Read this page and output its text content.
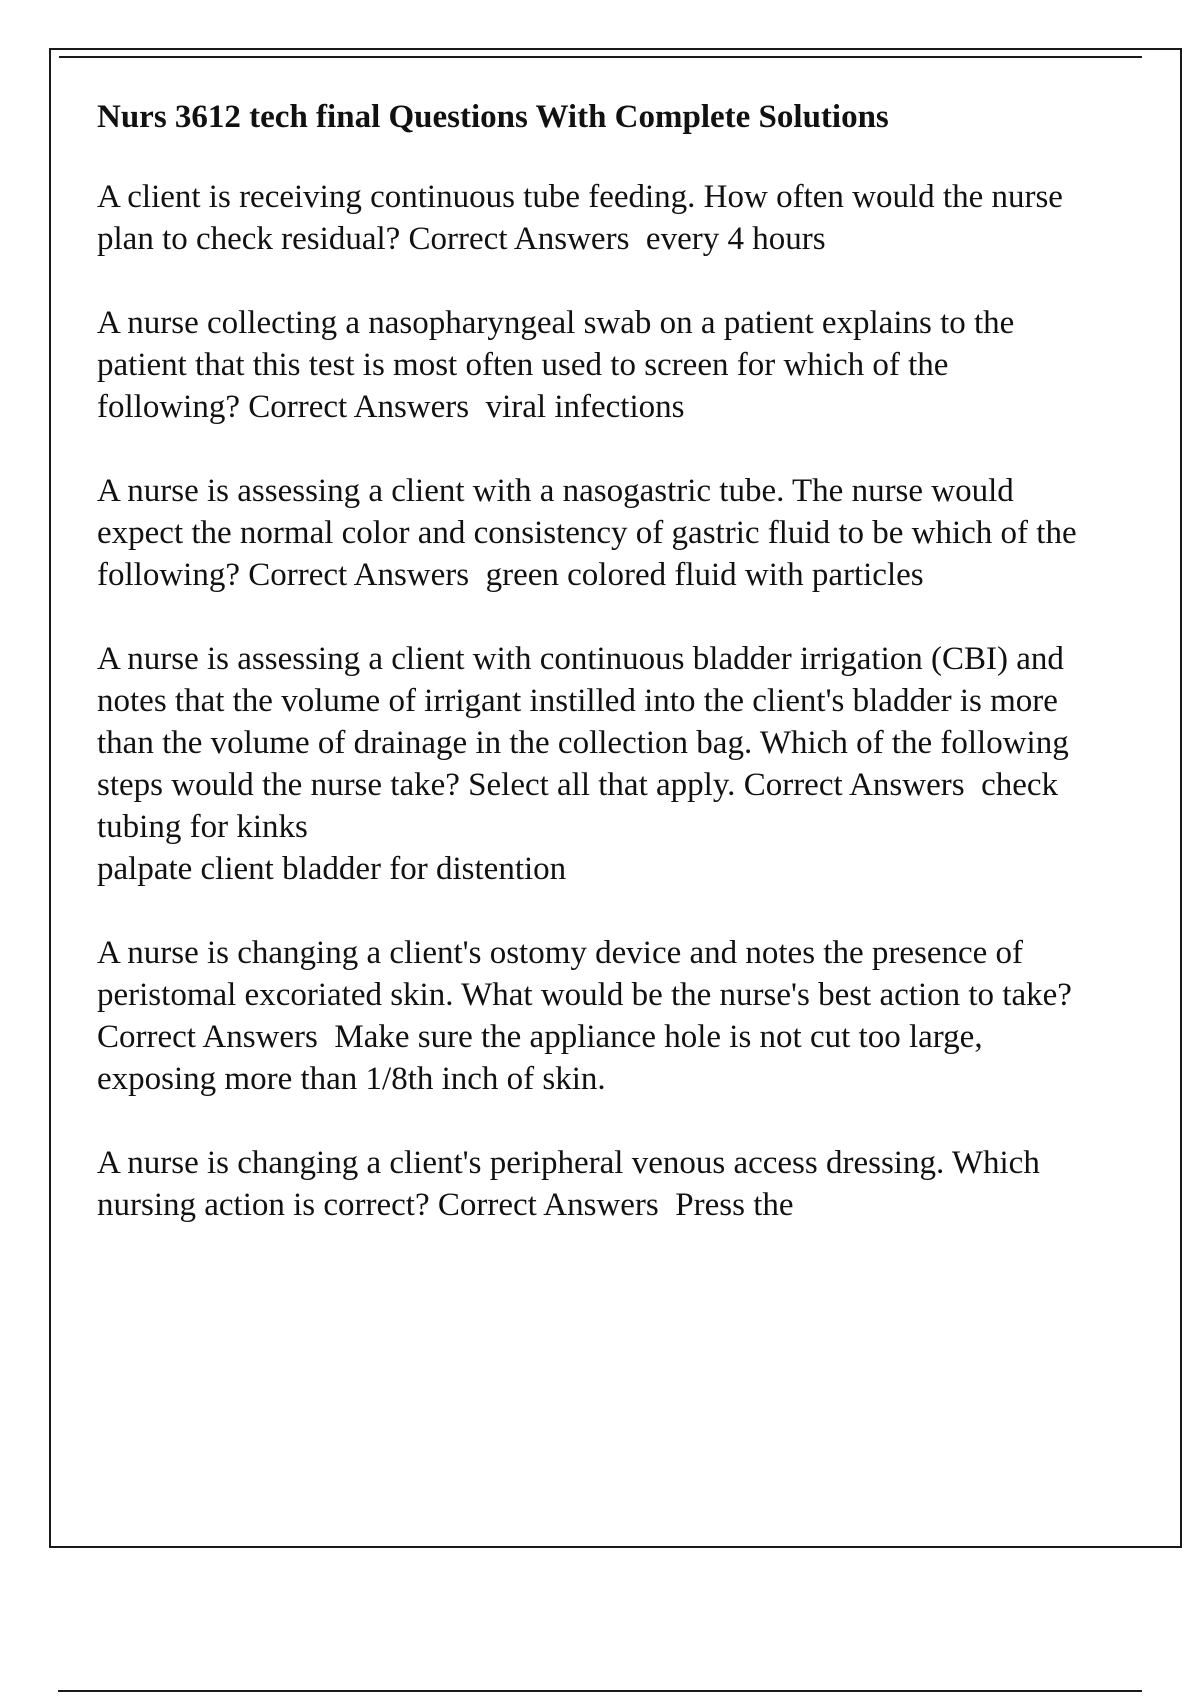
Nurs 3612 tech final Questions With Complete Solutions
A client is receiving continuous tube feeding. How often would the nurse plan to check residual? Correct Answers every 4 hours
A nurse collecting a nasopharyngeal swab on a patient explains to the patient that this test is most often used to screen for which of the following? Correct Answers viral infections
A nurse is assessing a client with a nasogastric tube. The nurse would expect the normal color and consistency of gastric fluid to be which of the following? Correct Answers green colored fluid with particles
A nurse is assessing a client with continuous bladder irrigation (CBI) and notes that the volume of irrigant instilled into the client's bladder is more than the volume of drainage in the collection bag. Which of the following steps would the nurse take? Select all that apply. Correct Answers check tubing for kinks
palpate client bladder for distention
A nurse is changing a client's ostomy device and notes the presence of peristomal excoriated skin. What would be the nurse's best action to take? Correct Answers Make sure the appliance hole is not cut too large, exposing more than 1/8th inch of skin.
A nurse is changing a client's peripheral venous access dressing. Which nursing action is correct? Correct Answers Press the
